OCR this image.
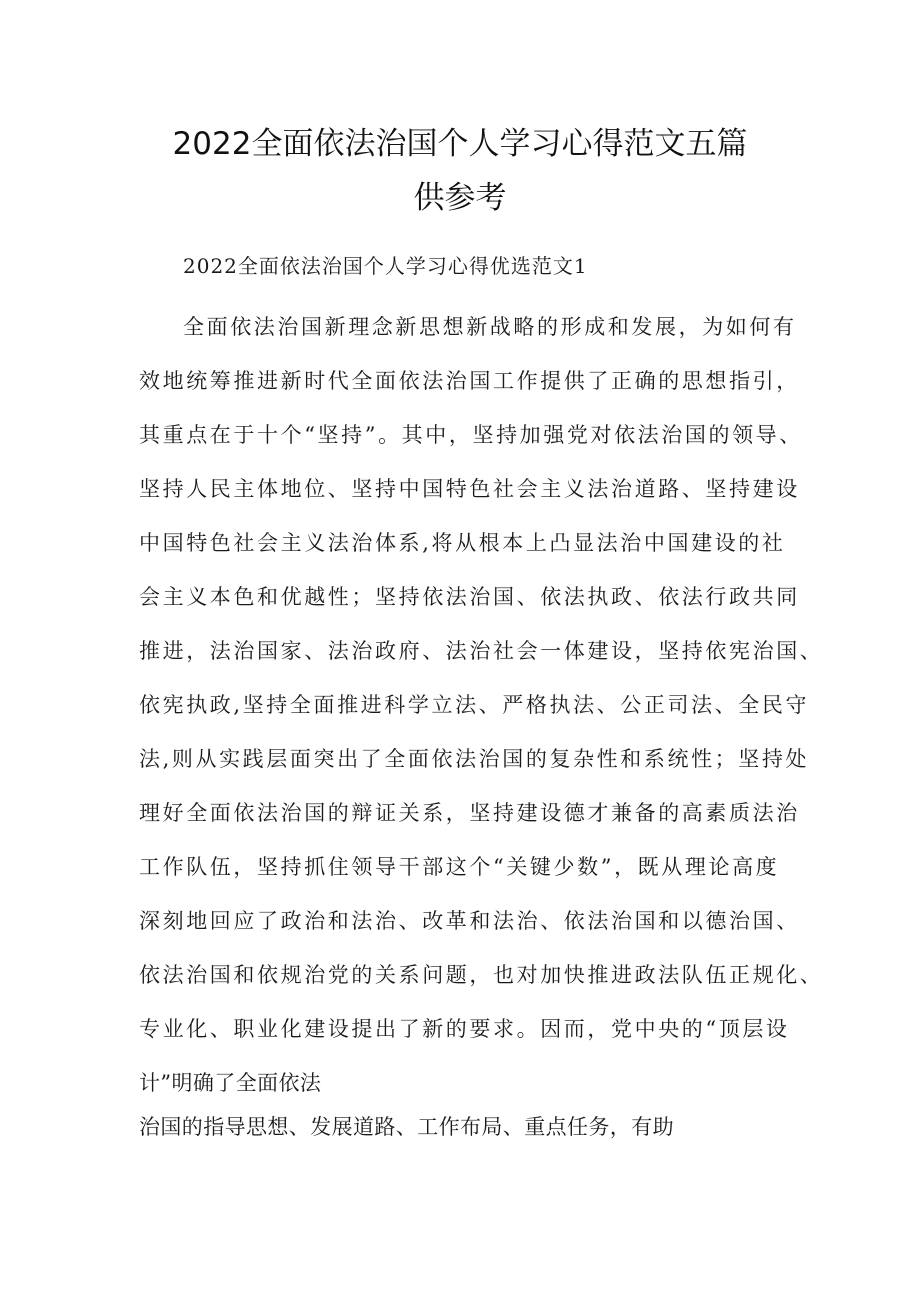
2022全面依法治国个人学习心得范文五篇
供参考
2022全面依法治国个人学习心得优选范文1
全面依法治国新理念新思想新战略的形成和发展，为如何有
效地统筹推进新时代全面依法治国工作提供了正确的思想指引，
其重点在于十个“坚持”。其中，坚持加强党对依法治国的领导、
坚持人民主体地位、坚持中国特色社会主义法治道路、坚持建设
中国特色社会主义法治体系,将从根本上凸显法治中国建设的社
会主义本色和优越性；坚持依法治国、依法执政、依法行政共同
推进，法治国家、法治政府、法治社会一体建设，坚持依宪治国、
依宪执政,坚持全面推进科学立法、严格执法、公正司法、全民守
法,则从实践层面突出了全面依法治国的复杂性和系统性；坚持处
理好全面依法治国的辩证关系，坚持建设德才兼备的高素质法治
工作队伍，坚持抓住领导干部这个“关键少数”，既从理论高度
深刻地回应了政治和法治、改革和法治、依法治国和以德治国、
依法治国和依规治党的关系问题，也对加快推进政法队伍正规化、
专业化、职业化建设提出了新的要求。因而，党中央的“顶层设
计”明确了全面依法
治国的指导思想、发展道路、工作布局、重点任务，有助
